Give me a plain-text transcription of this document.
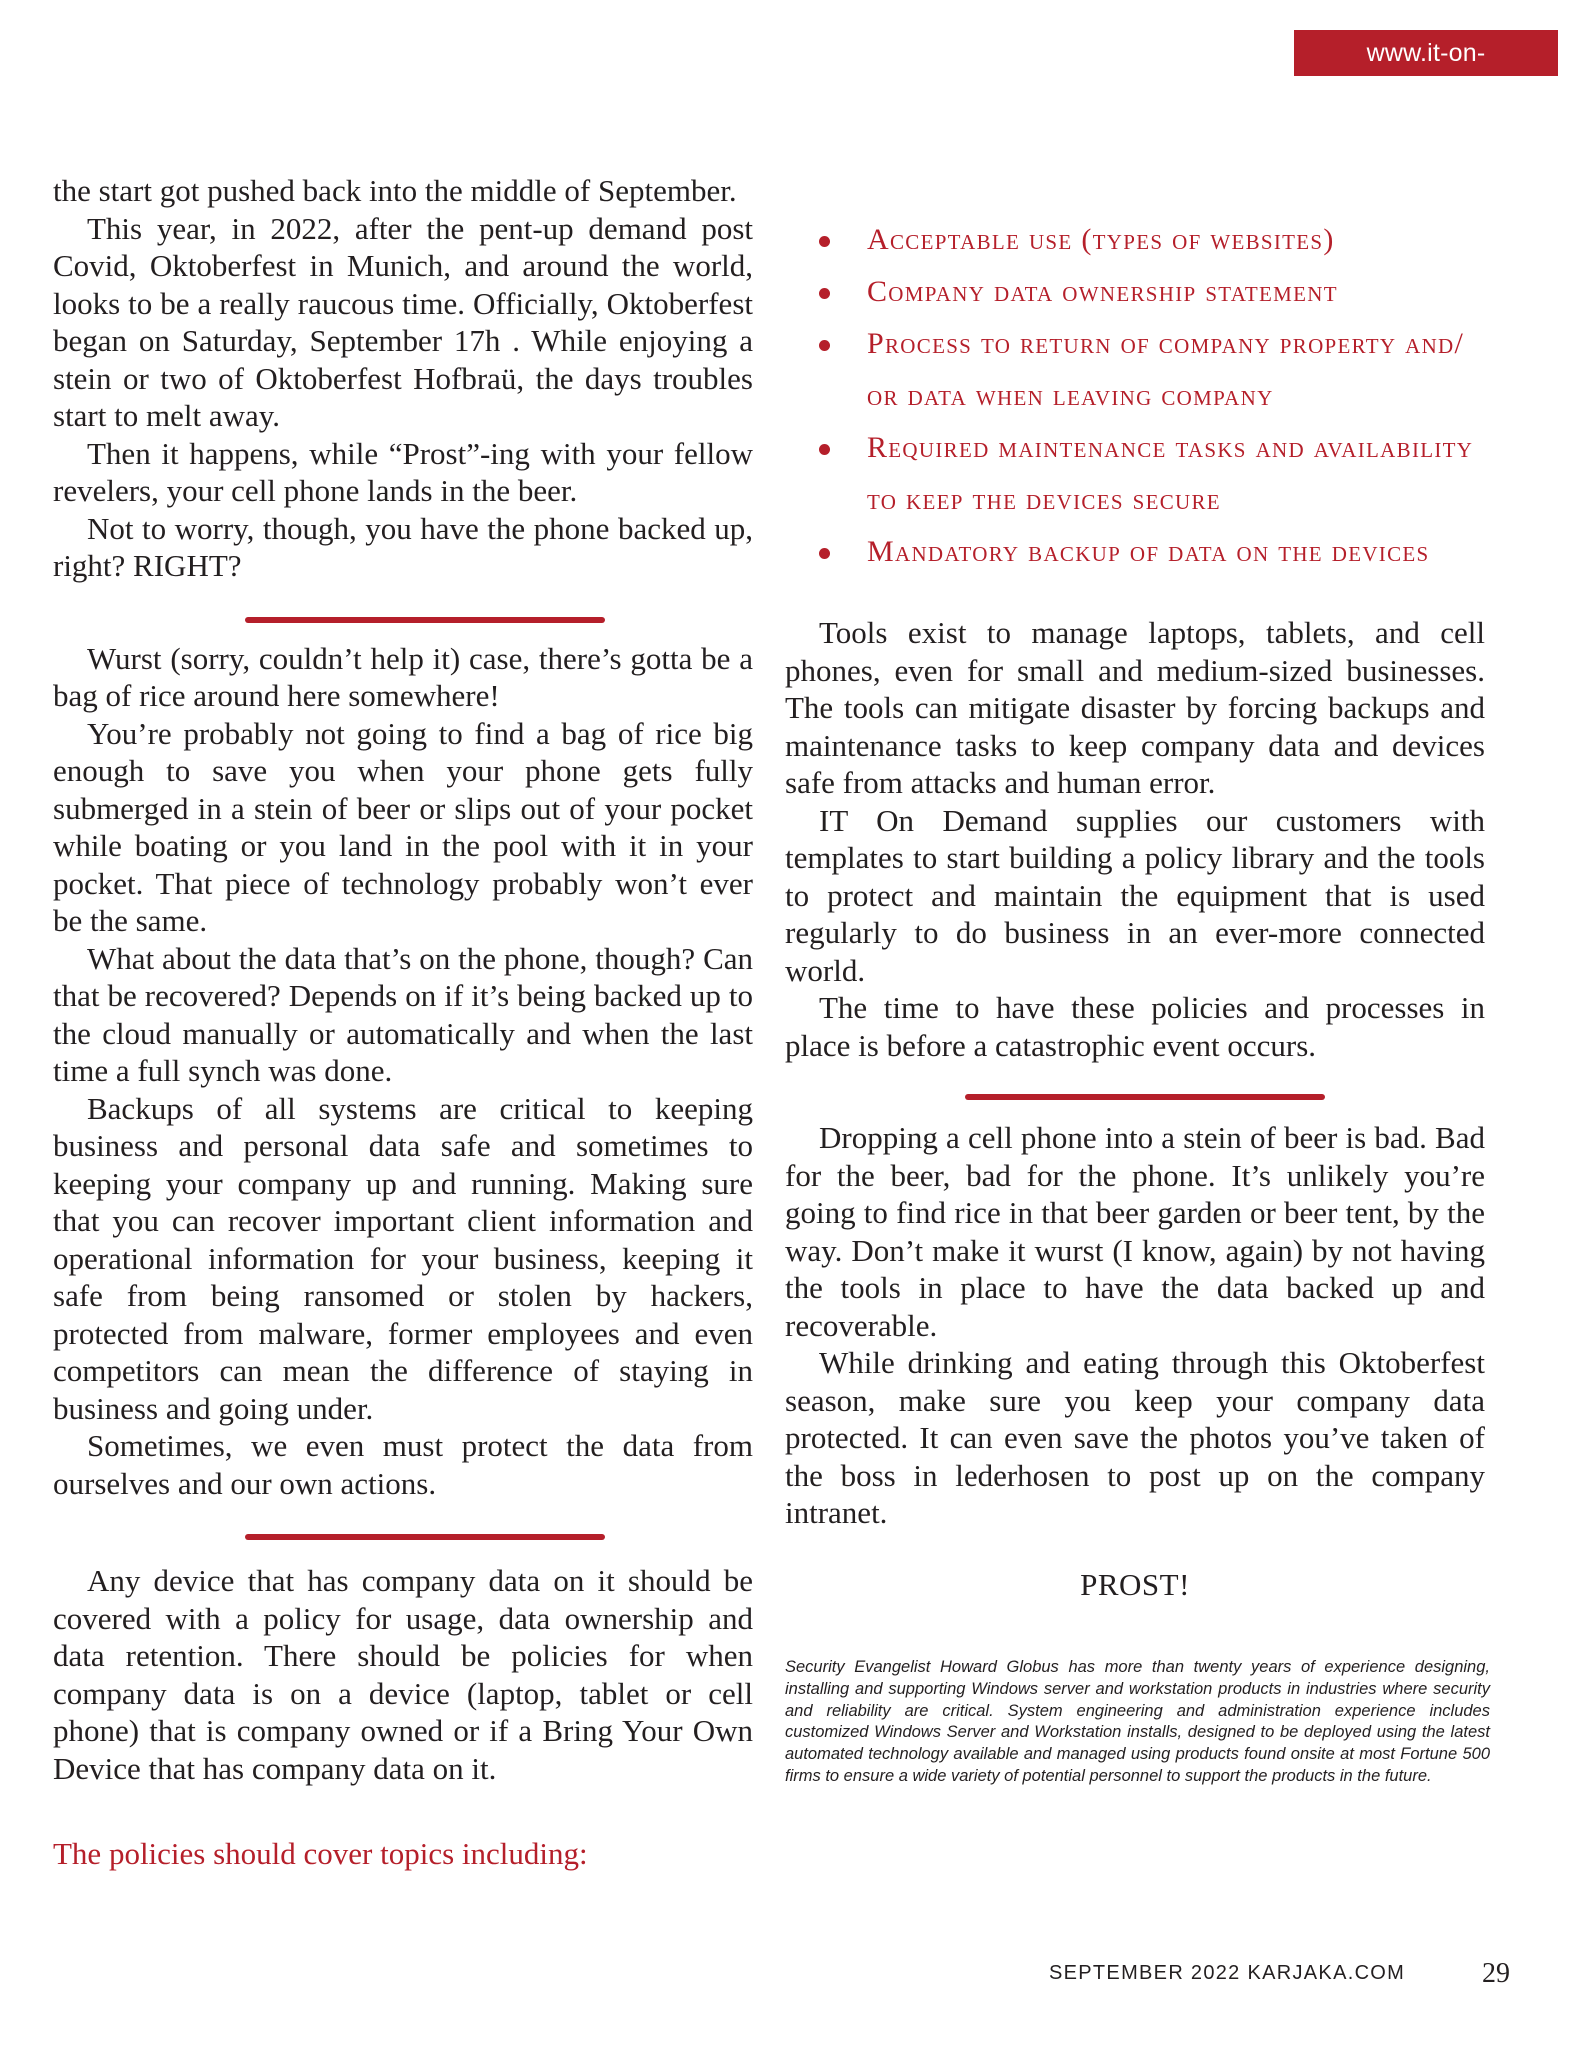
www.it-on-demand.com

the start got pushed back into the middle of September.

This year, in 2022, after the pent-up demand post Covid, Oktoberfest in Munich, and around the world, looks to be a really raucous time. Officially, Oktoberfest began on Saturday, September 17h . While enjoying a stein or two of Oktoberfest Hofbraü, the days troubles start to melt away.

Then it happens, while “Prost”-ing with your fellow revelers, your cell phone lands in the beer.

Not to worry, though, you have the phone backed up, right? RIGHT?

Wurst (sorry, couldn’t help it) case, there’s gotta be a bag of rice around here somewhere!

You’re probably not going to find a bag of rice big enough to save you when your phone gets fully submerged in a stein of beer or slips out of your pocket while boating or you land in the pool with it in your pocket. That piece of technology probably won’t ever be the same.

What about the data that’s on the phone, though? Can that be recovered? Depends on if it’s being backed up to the cloud manually or automatically and when the last time a full synch was done.

Backups of all systems are critical to keeping business and personal data safe and sometimes to keeping your company up and running. Making sure that you can recover important client information and operational information for your business, keeping it safe from being ransomed or stolen by hackers, protected from malware, former employees and even competitors can mean the difference of staying in business and going under.

Sometimes, we even must protect the data from ourselves and our own actions.

Any device that has company data on it should be covered with a policy for usage, data ownership and data retention. There should be policies for when company data is on a device (laptop, tablet or cell phone) that is company owned or if a Bring Your Own Device that has company data on it.

The policies should cover topics including:

Acceptable use (types of websites)
Company data ownership statement
Process to return of company property and/ or data when leaving company
Required maintenance tasks and availability to keep the devices secure
Mandatory backup of data on the devices

Tools exist to manage laptops, tablets, and cell phones, even for small and medium-sized businesses. The tools can mitigate disaster by forcing backups and maintenance tasks to keep company data and devices safe from attacks and human error.

IT On Demand supplies our customers with templates to start building a policy library and the tools to protect and maintain the equipment that is used regularly to do business in an ever-more connected world.

The time to have these policies and processes in place is before a catastrophic event occurs.

Dropping a cell phone into a stein of beer is bad. Bad for the beer, bad for the phone. It’s unlikely you’re going to find rice in that beer garden or beer tent, by the way. Don’t make it wurst (I know, again) by not having the tools in place to have the data backed up and recoverable.

While drinking and eating through this Oktoberfest season, make sure you keep your company data protected. It can even save the photos you’ve taken of the boss in lederhosen to post up on the company intranet.

PROST!

Security Evangelist Howard Globus has more than twenty years of experience designing, installing and supporting Windows server and workstation products in industries where security and reliability are critical. System engineering and administration experience includes customized Windows Server and Workstation installs, designed to be deployed using the latest automated technology available and managed using products found onsite at most Fortune 500 firms to ensure a wide variety of potential personnel to support the products in the future.

SEPTEMBER 2022 KARJAKA.COM	29
